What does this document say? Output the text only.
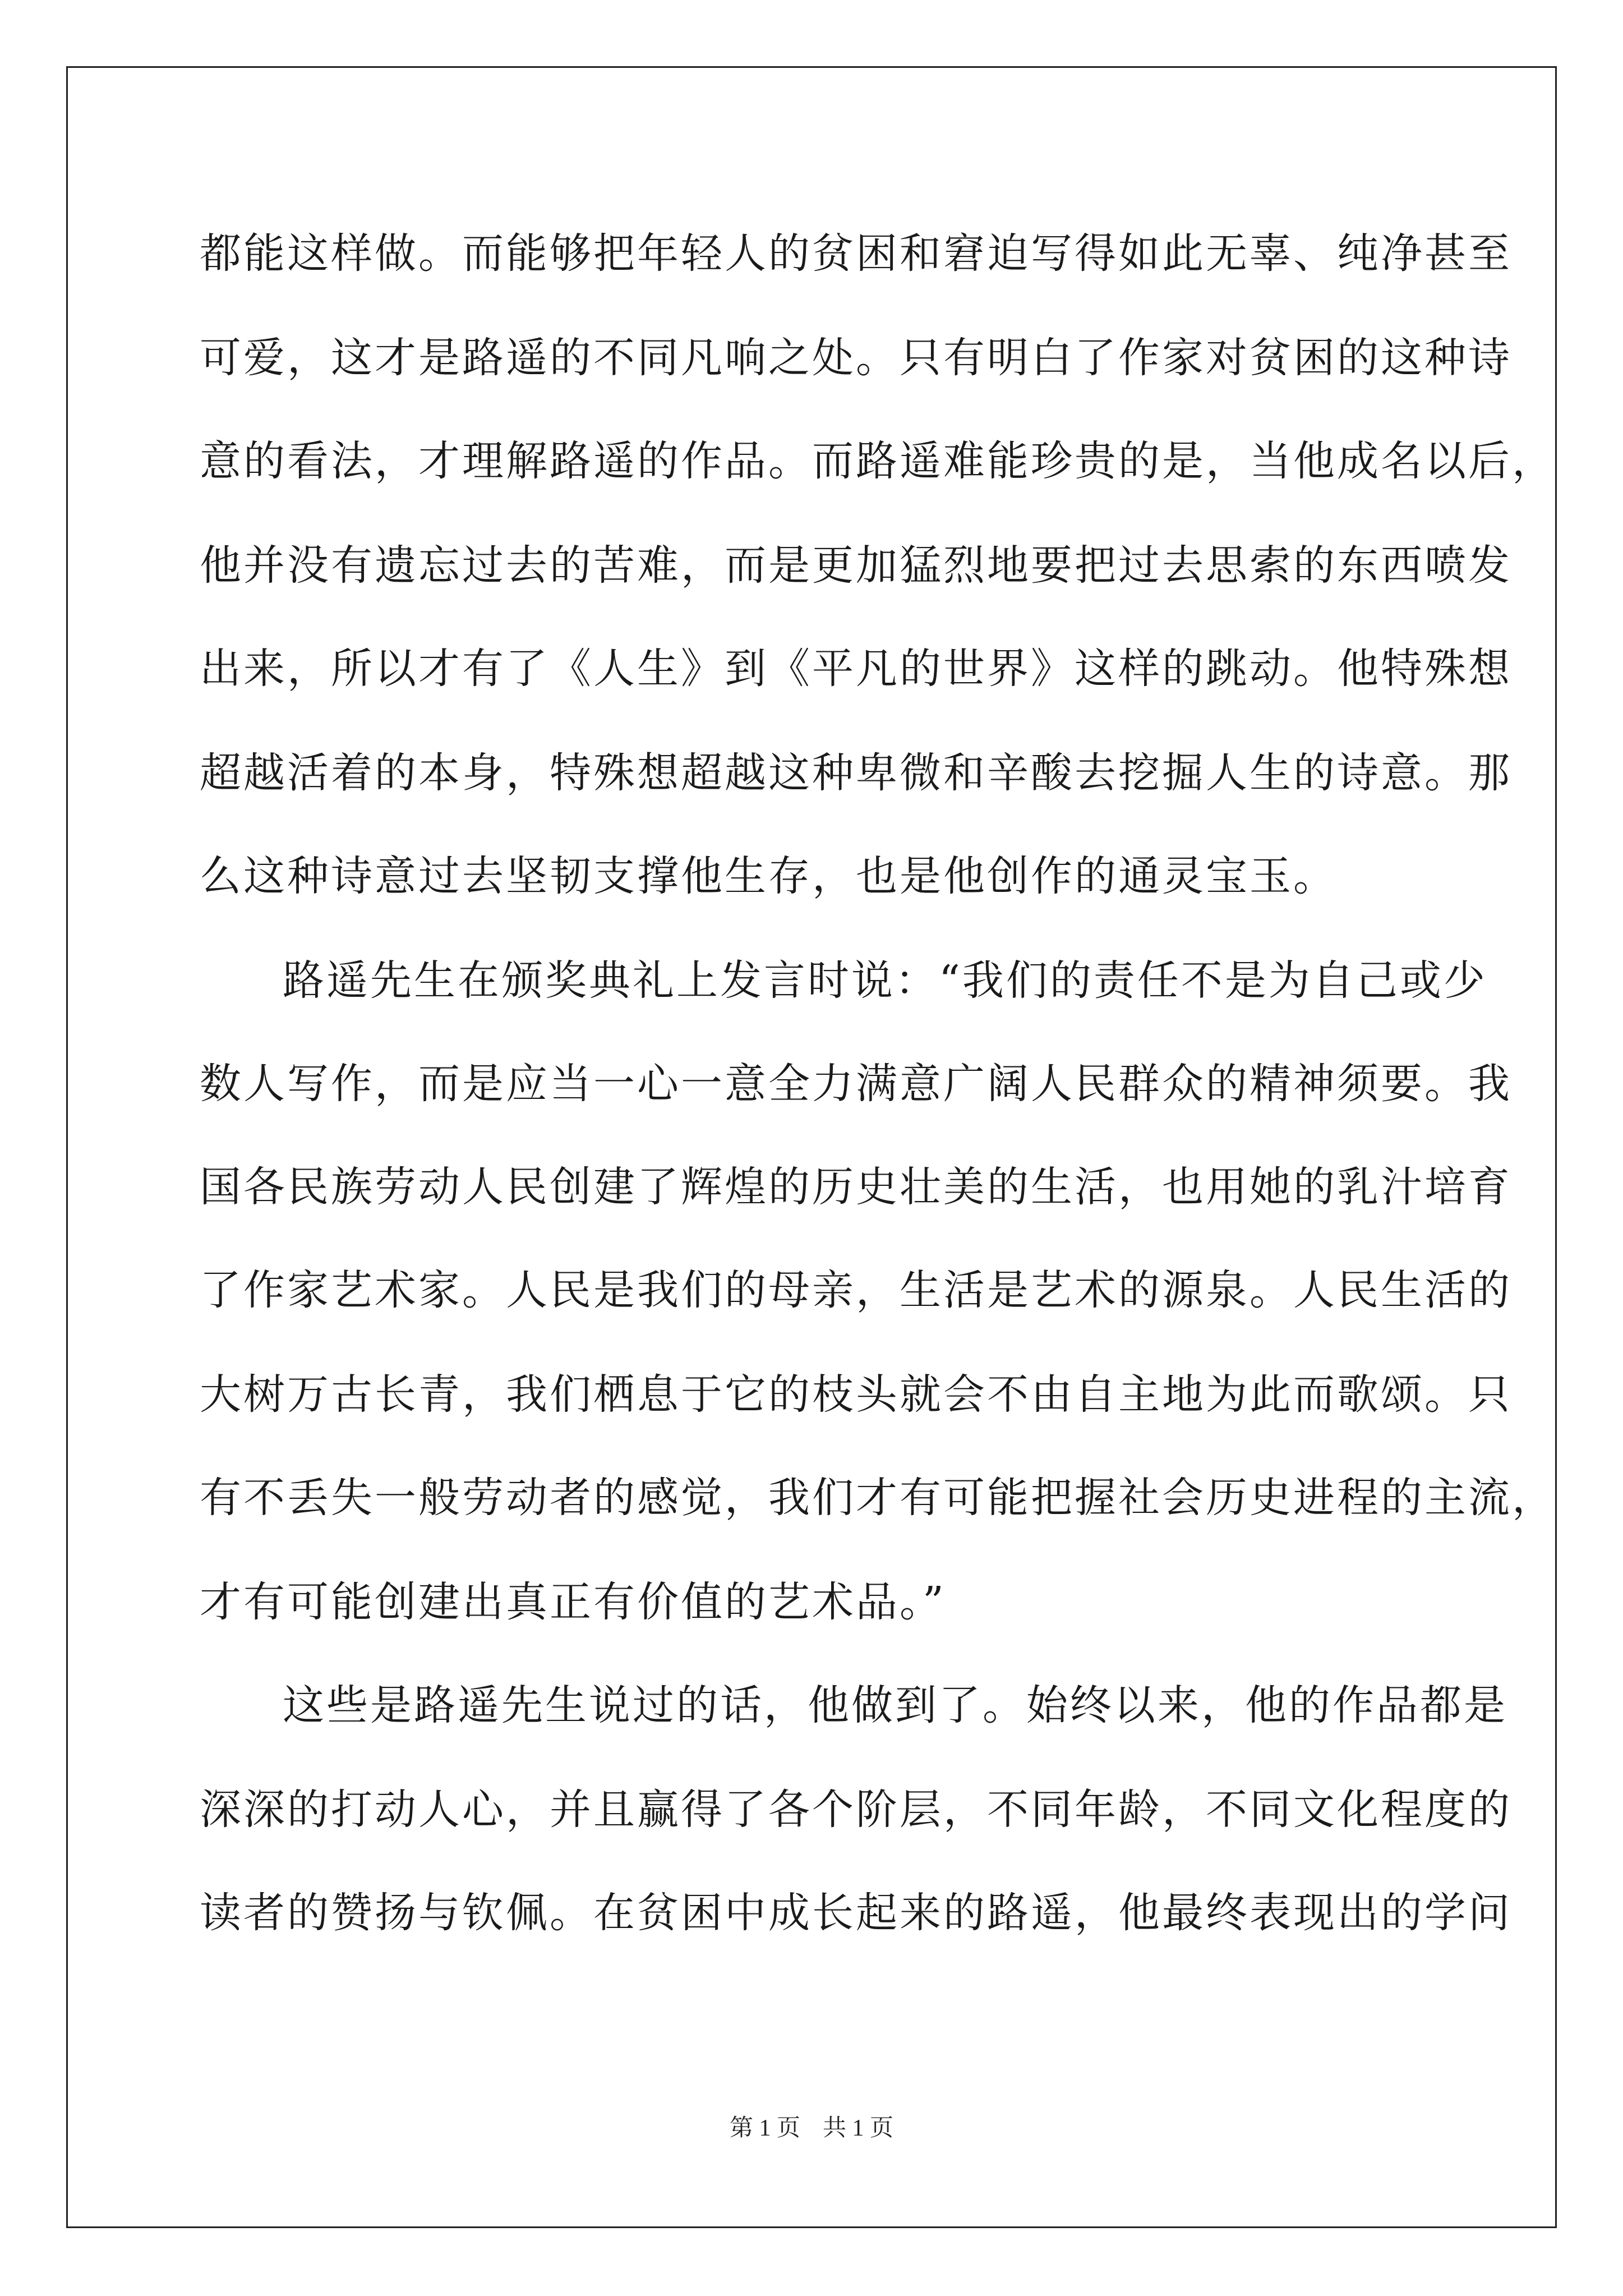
都能这样做。而能够把年轻人的贫困和窘迫写得如此无辜、纯净甚至
可爱，这才是路遥的不同凡响之处。只有明白了作家对贫困的这种诗
意的看法，才理解路遥的作品。而路遥难能珍贵的是，当他成名以后，
他并没有遗忘过去的苦难，而是更加猛烈地要把过去思索的东西喷发
出来，所以才有了《人生》到《平凡的世界》这样的跳动。他特殊想
超越活着的本身，特殊想超越这种卑微和辛酸去挖掘人生的诗意。那
么这种诗意过去坚韧支撑他生存，也是他创作的通灵宝玉。
路遥先生在颁奖典礼上发言时说：“我们的责任不是为自己或少
数人写作，而是应当一心一意全力满意广阔人民群众的精神须要。我
国各民族劳动人民创建了辉煌的历史壮美的生活，也用她的乳汁培育
了作家艺术家。人民是我们的母亲，生活是艺术的源泉。人民生活的
大树万古长青，我们栖息于它的枝头就会不由自主地为此而歌颂。只
有不丢失一般劳动者的感觉，我们才有可能把握社会历史进程的主流，
才有可能创建出真正有价值的艺术品。”
这些是路遥先生说过的话，他做到了。始终以来，他的作品都是
深深的打动人心，并且赢得了各个阶层，不同年龄，不同文化程度的
读者的赞扬与钦佩。在贫困中成长起来的路遥，他最终表现出的学问
第 1 页 共 1 页
